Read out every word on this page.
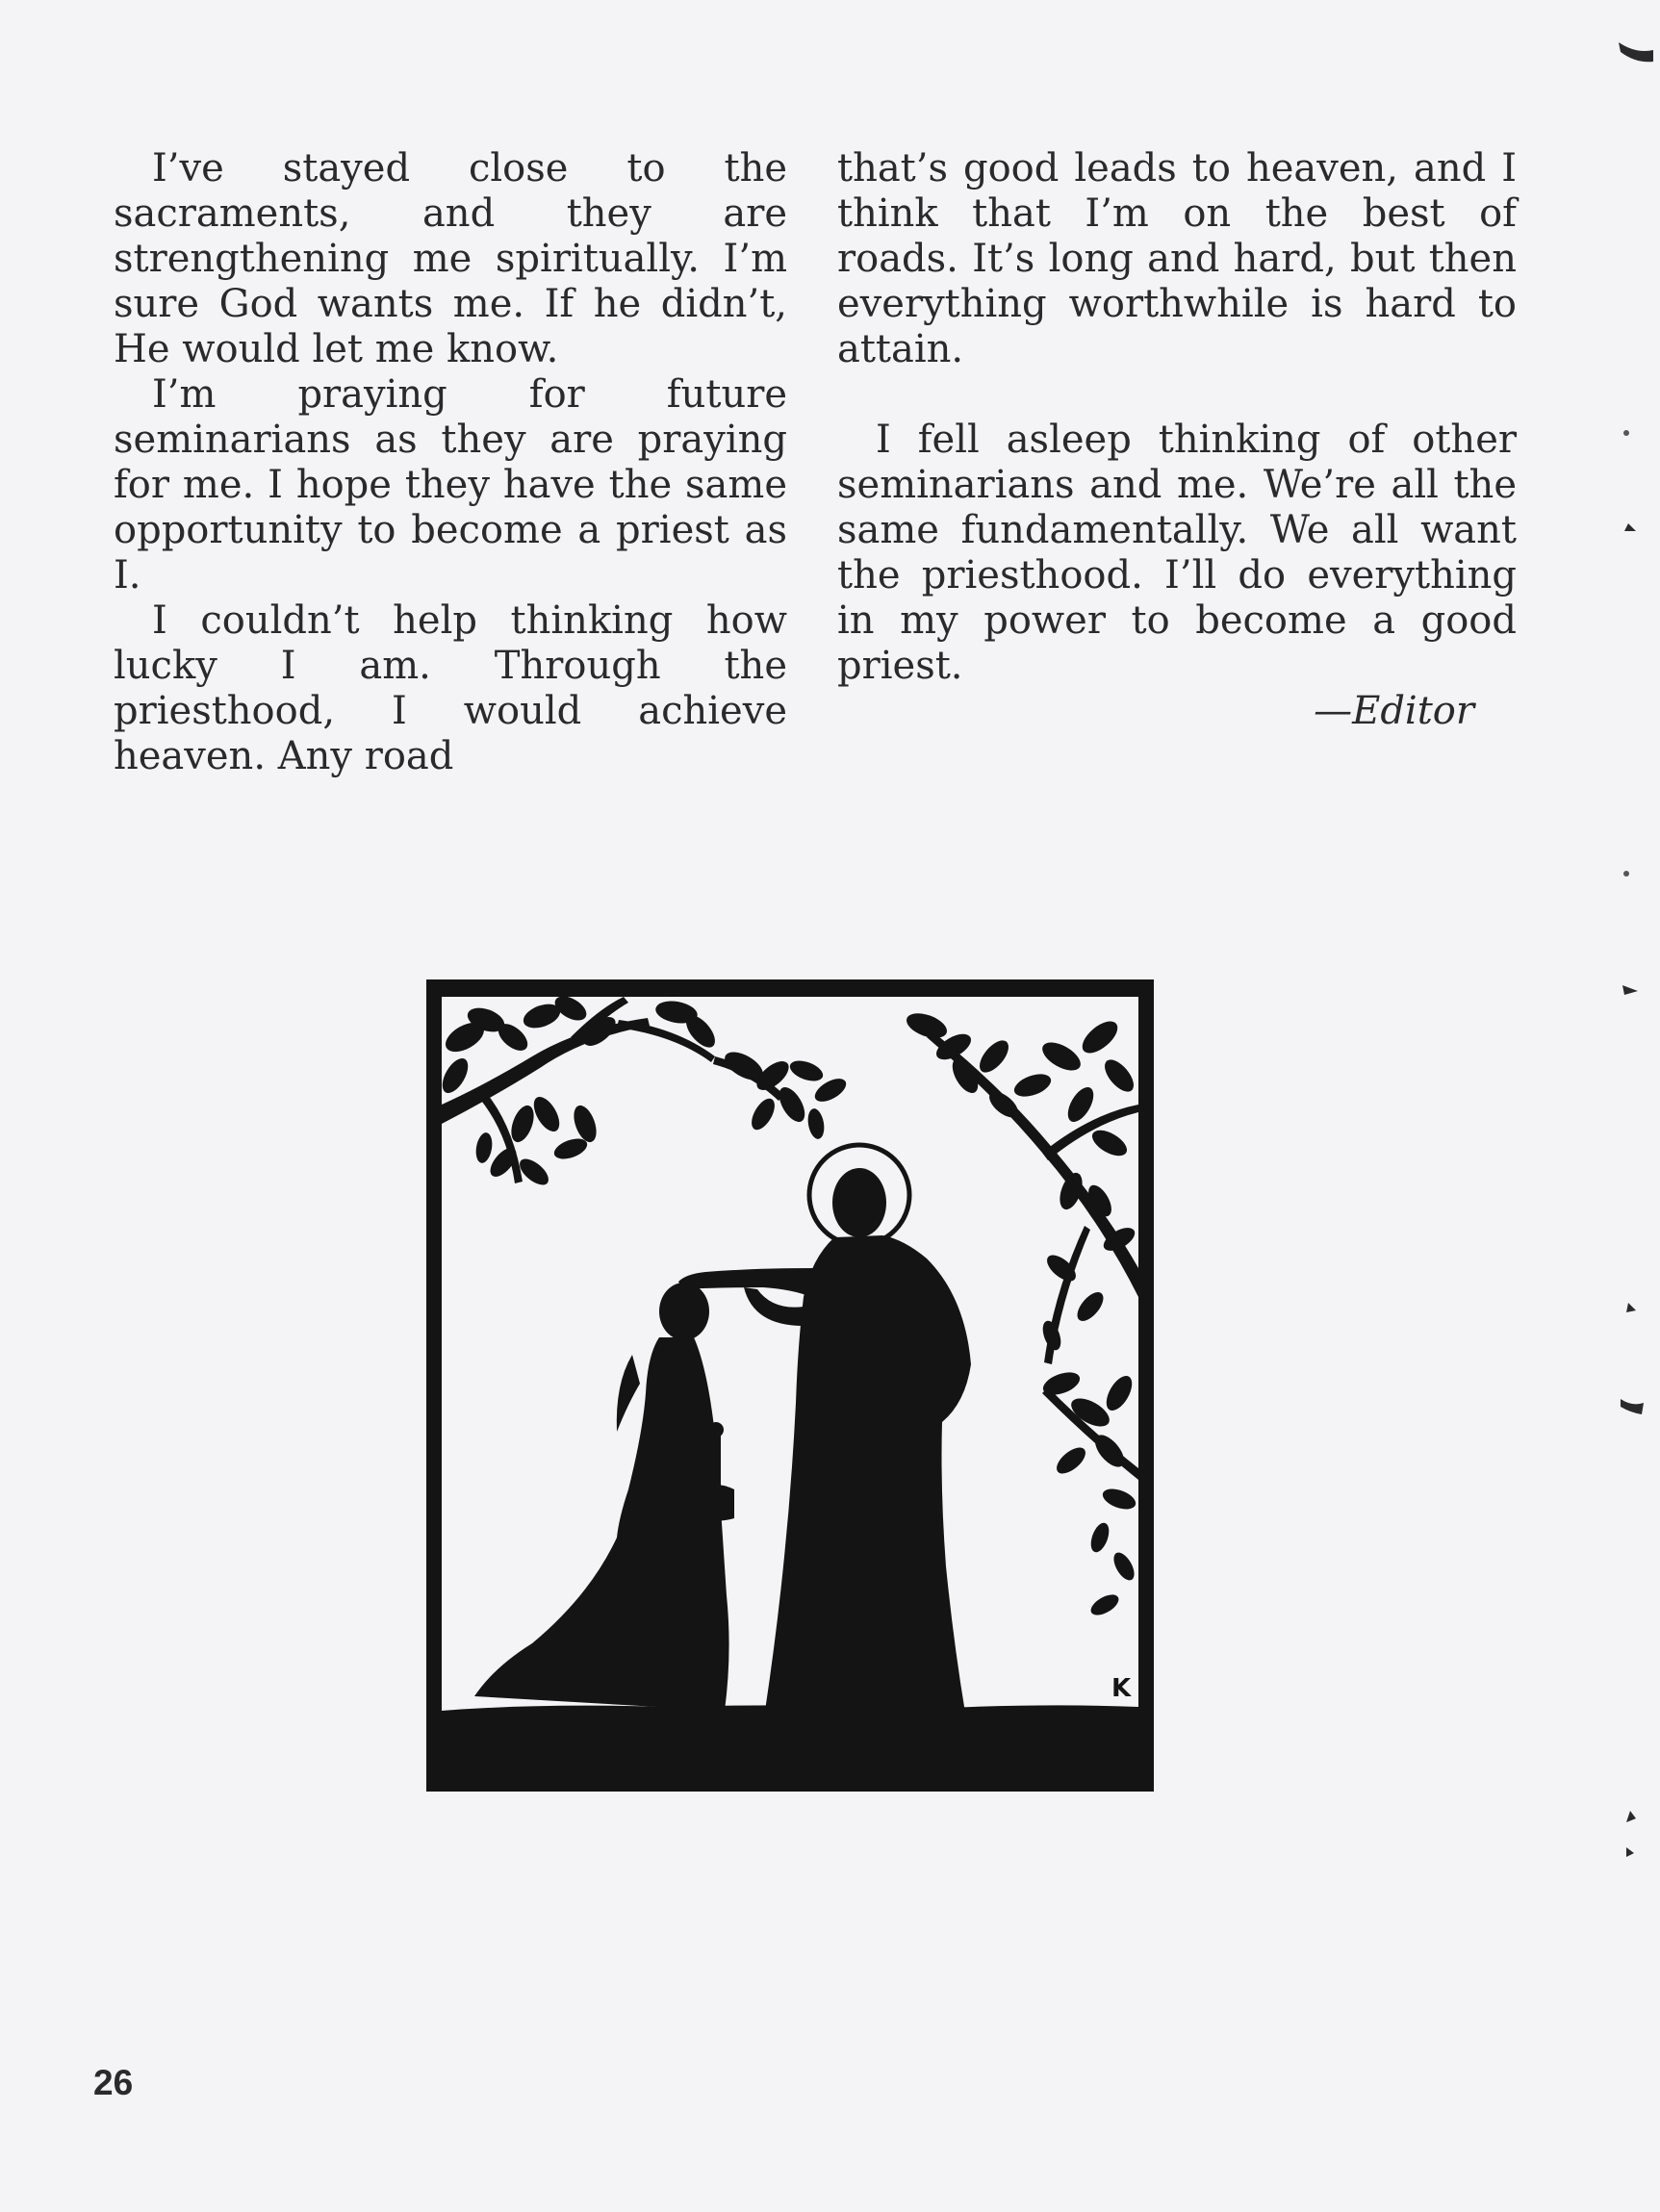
I’ve stayed close to the sacraments, and they are strengthening me spiritually. I’m sure God wants me. If he didn’t, He would let me know.

I’m praying for future seminarians as they are praying for me. I hope they have the same opportunity to become a priest as I.

I couldn’t help thinking how lucky I am. Through the priesthood, I would achieve heaven. Any road

that’s good leads to heaven, and I think that I’m on the best of roads. It’s long and hard, but then everything worthwhile is hard to attain.

I fell asleep thinking of other seminarians and me. We’re all the same fundamentally. We all want the priesthood. I’ll do everything in my power to become a good priest.

—Editor

K
26
